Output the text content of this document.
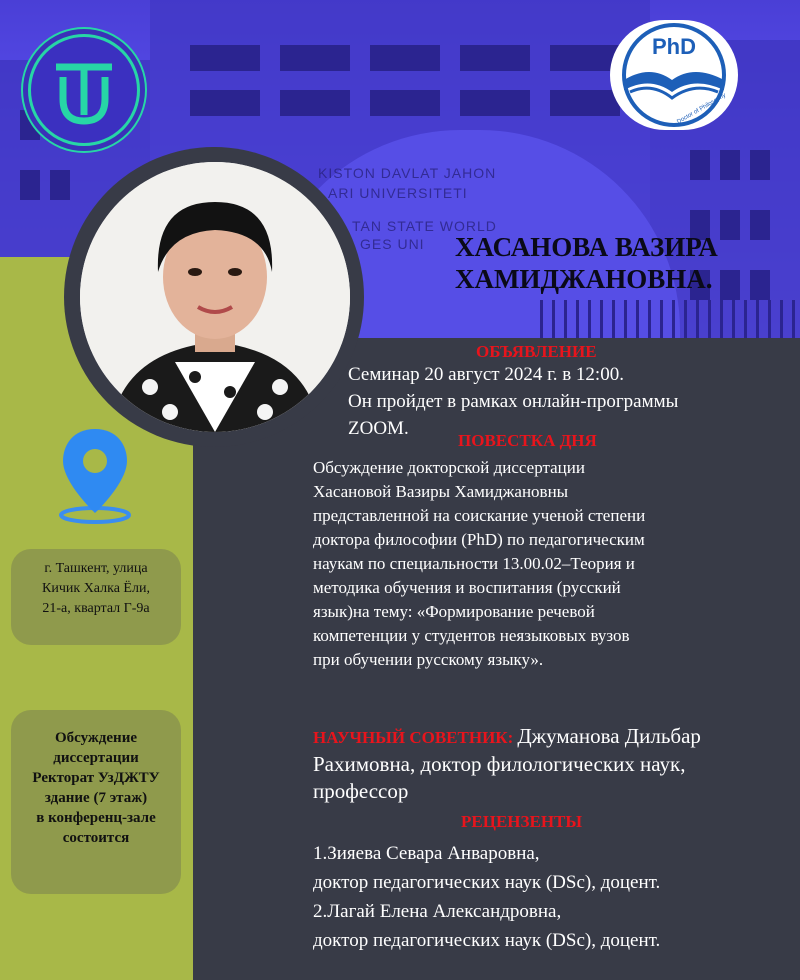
KISTON DAVLAT JAHON
ARI UNIVERSITETI
TAN STATE WORLD
GES UNI
PhD
Doctor of Philosophy
ХАСАНОВА ВАЗИРА
ХАМИДЖАНОВНА.
ОБЪЯВЛЕНИЕ
Семинар 20 август 2024 г. в 12:00.
Он пройдет в рамках онлайн-программы
ZOOM.
ПОВЕСТКА ДНЯ
Обсуждение докторской диссертации
Хасановой Вазиры Хамиджановны
представленной на соискание ученой степени
доктора философии (PhD) по педагогическим
наукам по специальности 13.00.02–Теория и
методика обучения и воспитания (русский
язык)на тему: «Формирование речевой
компетенции у студентов неязыковых вузов
при обучении русскому языку».
НАУЧНЫЙ СОВЕТНИК: Джуманова Дильбар
Рахимовна, доктор филологических наук,
профессор
РЕЦЕНЗЕНТЫ
1.Зияева Севара Анваровна,
доктор педагогических наук (DSc), доцент.
2.Лагай Елена Александровна,
доктор педагогических наук (DSc), доцент.
г. Ташкент, улица
Кичик Халка Ёли,
21-а, квартал Г-9а
Обсуждение
диссертации
Ректорат УзДЖТУ
здание (7 этаж)
в конференц-зале
состоится
